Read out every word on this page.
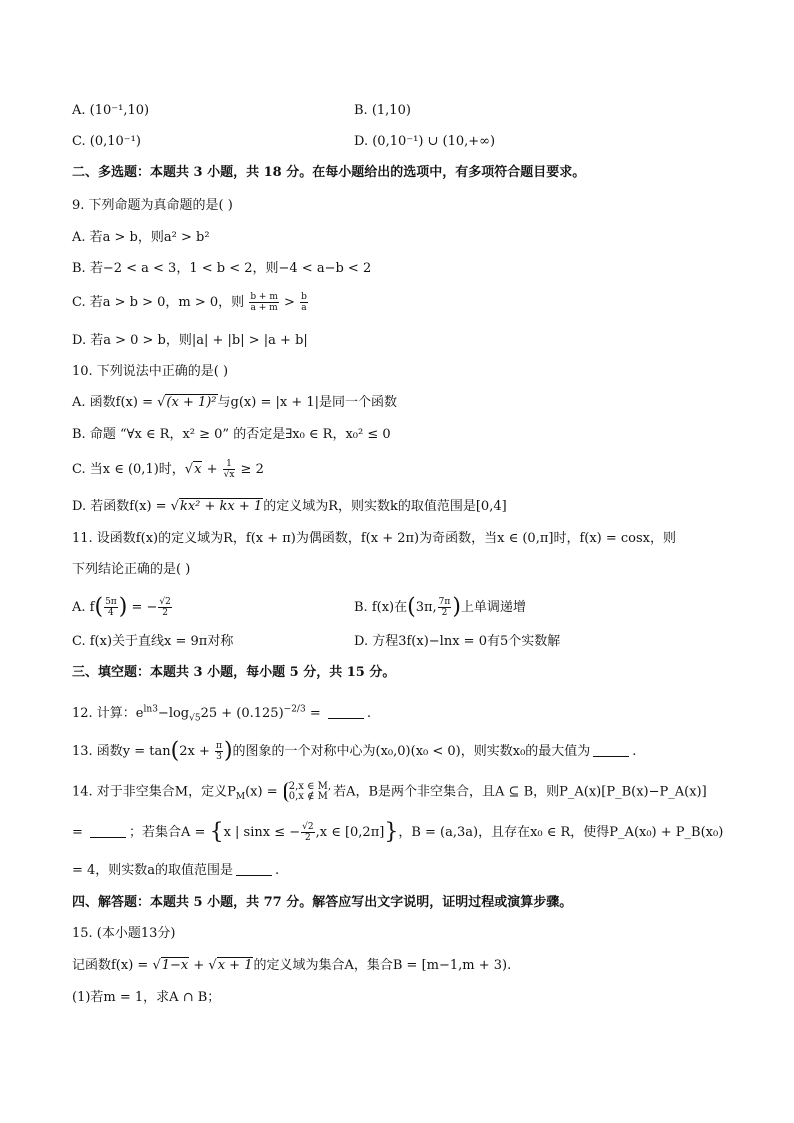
A. (10⁻¹,10)	B. (1,10)
C. (0,10⁻¹)	D. (0,10⁻¹) ∪ (10,+∞)
二、多选题：本题共 3 小题，共 18 分。在每小题给出的选项中，有多项符合题目要求。
9. 下列命题为真命题的是( )
A. 若a > b，则a² > b²
B. 若−2 < a < 3，1 < b < 2，则−4 < a−b < 2
C. 若a > b > 0，m > 0，则 $\frac{b + m}{a + m} > \frac{b}{a}$
D. 若a > 0 > b，则|a| + |b| > |a + b|
10. 下列说法中正确的是( )
A. 函数f(x) = √(x + 1)²与g(x) = |x + 1|是同一个函数
B. 命题 “∀x ∈ R，x² ≥ 0” 的否定是∃x₀ ∈ R，x₀² ≤ 0
C. 当x ∈ (0,1)时，$√x + \frac{1}{√x} \ge 2$
D. 若函数f(x) = √kx² + kx + 1的定义域为R，则实数k的取值范围是[0,4]
11. 设函数f(x)的定义域为R，f(x + π)为偶函数，f(x + 2π)为奇函数，当x ∈ (0,π]时，f(x) = cosx，则
下列结论正确的是( )
A. $f( \frac{5\pi}{4}$ ) = − $\frac{√2}{2}$	B. f(x)在(3π, $\frac{7\pi}{2}$ )上单调递增
C. f(x)关于直线x = 9π对称	D. 方程3f(x)−lnx = 0有5个实数解
三、填空题：本题共 3 小题，每小题 5 分，共 15 分。
12. 计算：$e^{ln3}-\log_{√5}25 + (0.125)^{-2/3}$ =	.
13. 函数$y = \tan(2x + \frac{\pi}{3}$ )的图象的一个对称中心为(x₀,0)(x₀ < 0)，则实数x₀的最大值为	.
14. 对于非空集合M，定义$P_M(x) = 2,x$ ∈ M,
0,x ∉ M 若A，B是两个非空集合，且A ⊆ B，则P_A(x)[P_B(x)−P_A(x)]
=	；若集合A = {x | sinx ≤ − $\frac{√2}{2} ,x$ ∈ [0,2π]}，B = (a,3a)，且存在x₀ ∈ R，使得P_A(x₀) + P_B(x₀)
= 4，则实数a的取值范围是	.
四、解答题：本题共 5 小题，共 77 分。解答应写出文字说明，证明过程或演算步骤。
15. (本小题13分)
记函数f(x) = √1−x + √x + 1的定义域为集合A，集合B = [m−1,m + 3).
(1)若m = 1，求A ∩ B；
